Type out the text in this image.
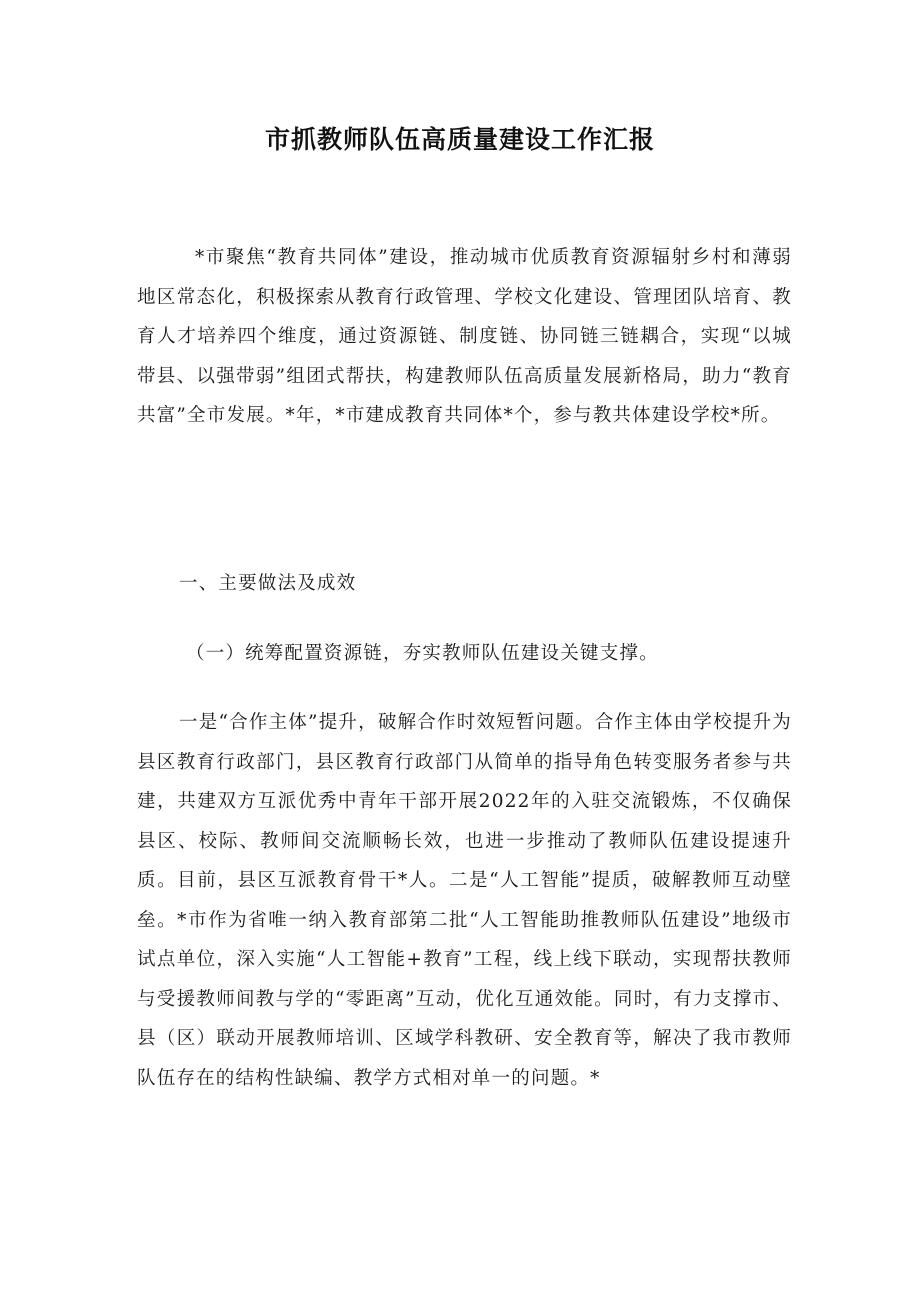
市抓教师队伍高质量建设工作汇报

*市聚焦“教育共同体”建设，推动城市优质教育资源辐射乡村和薄弱地区常态化，积极探索从教育行政管理、学校文化建设、管理团队培育、教育人才培养四个维度，通过资源链、制度链、协同链三链耦合，实现“以城带县、以强带弱”组团式帮扶，构建教师队伍高质量发展新格局，助力“教育共富”全市发展。*年，*市建成教育共同体*个，参与教共体建设学校*所。

一、主要做法及成效

（一）统筹配置资源链，夯实教师队伍建设关键支撑。

一是“合作主体”提升，破解合作时效短暂问题。合作主体由学校提升为县区教育行政部门，县区教育行政部门从简单的指导角色转变服务者参与共建，共建双方互派优秀中青年干部开展2022年的入驻交流锻炼，不仅确保县区、校际、教师间交流顺畅长效，也进一步推动了教师队伍建设提速升质。目前，县区互派教育骨干*人。二是“人工智能”提质，破解教师互动壁垒。*市作为省唯一纳入教育部第二批“人工智能助推教师队伍建设”地级市试点单位，深入实施“人工智能+教育”工程，线上线下联动，实现帮扶教师与受援教师间教与学的“零距离”互动，优化互通效能。同时，有力支撑市、县（区）联动开展教师培训、区域学科教研、安全教育等，解决了我市教师队伍存在的结构性缺编、教学方式相对单一的问题。*
